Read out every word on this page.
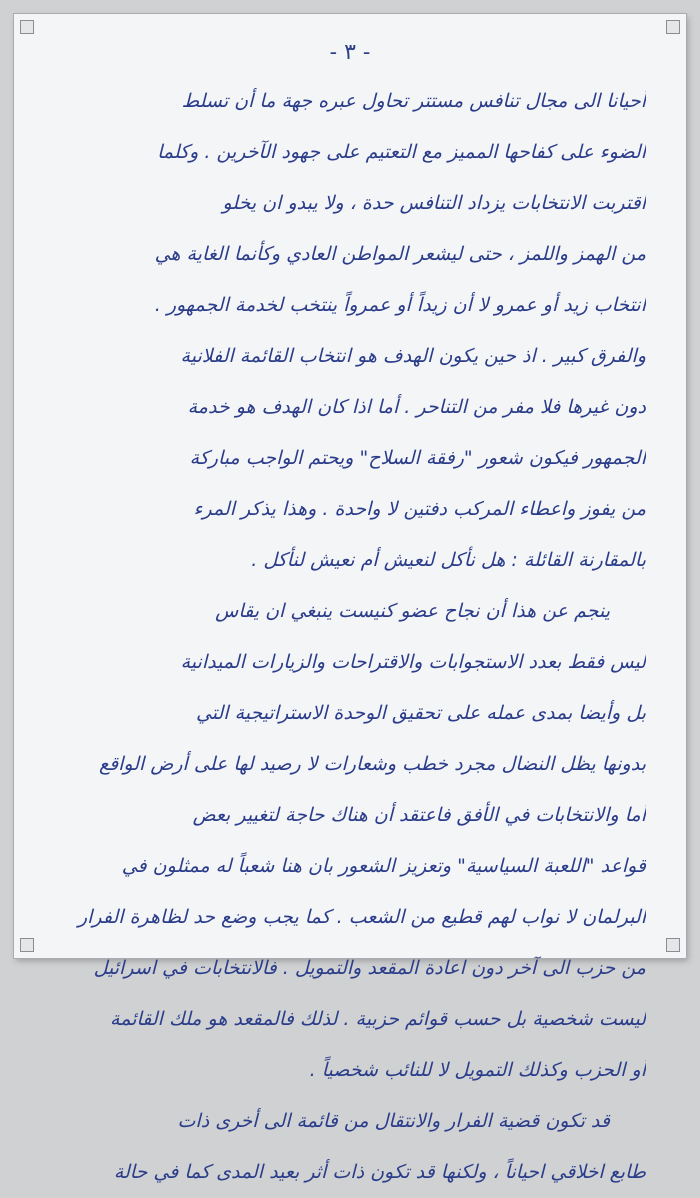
- ٣ -
أحيانا الى مجال تنافس مستتر تحاول عبره جهة ما أن تسلط
الضوء على كفاحها المميز مع التعتيم على جهود الآخرين . وكلما
اقتربت الانتخابات يزداد التنافس حدة ، ولا يبدو ان يخلو
من الهمز واللمز ، حتى ليشعر المواطن العادي وكأنما الغاية هي
انتخاب زيد أو عمرو لا أن زيداً أو عمرواً ينتخب لخدمة الجمهور .
والفرق كبير . اذ حين يكون الهدف هو انتخاب القائمة الفلانية
دون غيرها فلا مفر من التناحر . أما اذا كان الهدف هو خدمة
الجمهور فيكون شعور "رفقة السلاح" ويحتم الواجب مباركة
من يفوز واعطاء المركب دفتين لا واحدة . وهذا يذكر المرء
بالمقارنة القائلة : هل نأكل لنعيش أم نعيش لنأكل .
ينجم عن هذا أن نجاح عضو كنيست ينبغي ان يقاس
ليس فقط بعدد الاستجوابات والاقتراحات والزيارات الميدانية
بل وأيضا بمدى عمله على تحقيق الوحدة الاستراتيجية التي
بدونها يظل النضال مجرد خطب وشعارات لا رصيد لها على أرض الواقع
أما والانتخابات في الأفق فاعتقد أن هناك حاجة لتغيير بعض
قواعد "اللعبة السياسية" وتعزيز الشعور بان هنا شعباً له ممثلون في
البرلمان لا نواب لهم قطيع من الشعب . كما يجب وضع حد لظاهرة الفرار
من حزب الى آخر دون اعادة المقعد والتمويل . فالانتخابات في اسرائيل
ليست شخصية بل حسب قوائم حزبية . لذلك فالمقعد هو ملك القائمة
أو الحزب وكذلك التمويل لا للنائب شخصياً .
قد تكون قضية الفرار والانتقال من قائمة الى أخرى ذات
طابع اخلاقي احياناً ، ولكنها قد تكون ذات أثر بعيد المدى كما في حالة
